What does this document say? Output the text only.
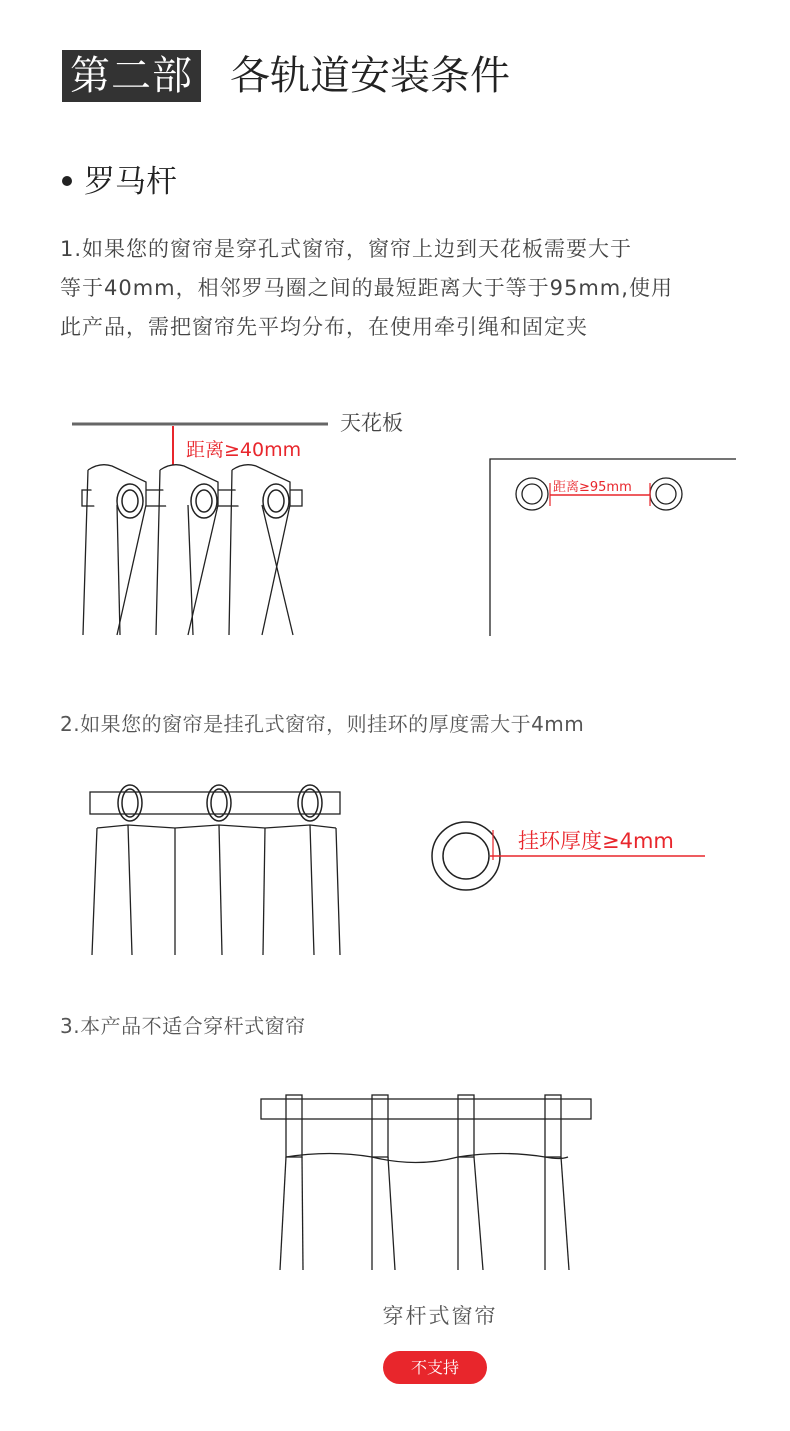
第二部 各轨道安装条件
罗马杆
1.如果您的窗帘是穿孔式窗帘，窗帘上边到天花板需要大于
等于40mm，相邻罗马圈之间的最短距离大于等于95mm,使用
此产品，需把窗帘先平均分布，在使用牵引绳和固定夹
天花板
距离≥40mm
距离≥95mm
2.如果您的窗帘是挂孔式窗帘，则挂环的厚度需大于4mm
挂环厚度≥4mm
3.本产品不适合穿杆式窗帘
穿杆式窗帘
不支持
